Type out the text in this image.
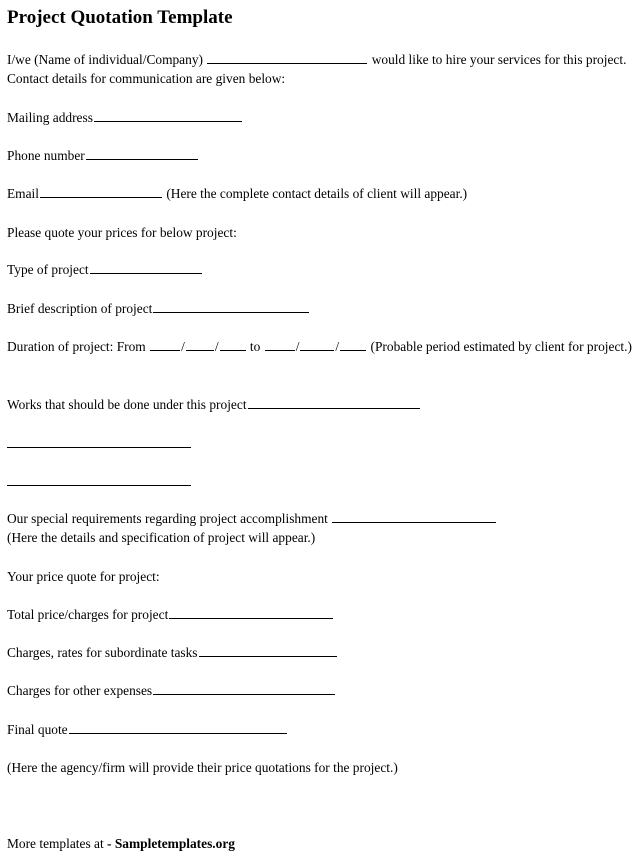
Project Quotation Template
I/we (Name of individual/Company)	would like to hire your services for this project. Contact details for communication are given below:
Mailing address
Phone number
Email	(Here the complete contact details of client will appear.)
Please quote your prices for below project:
Type of project
Brief description of project
Duration of project: From	/ / to	/	/ (Probable period estimated by client for project.)
Works that should be done under this project
Our special requirements regarding project accomplishment
(Here the details and specification of project will appear.)
Your price quote for project:
Total price/charges for project
Charges, rates for subordinate tasks
Charges for other expenses
Final quote
(Here the agency/firm will provide their price quotations for the project.)
More templates at - Sampletemplates.org
